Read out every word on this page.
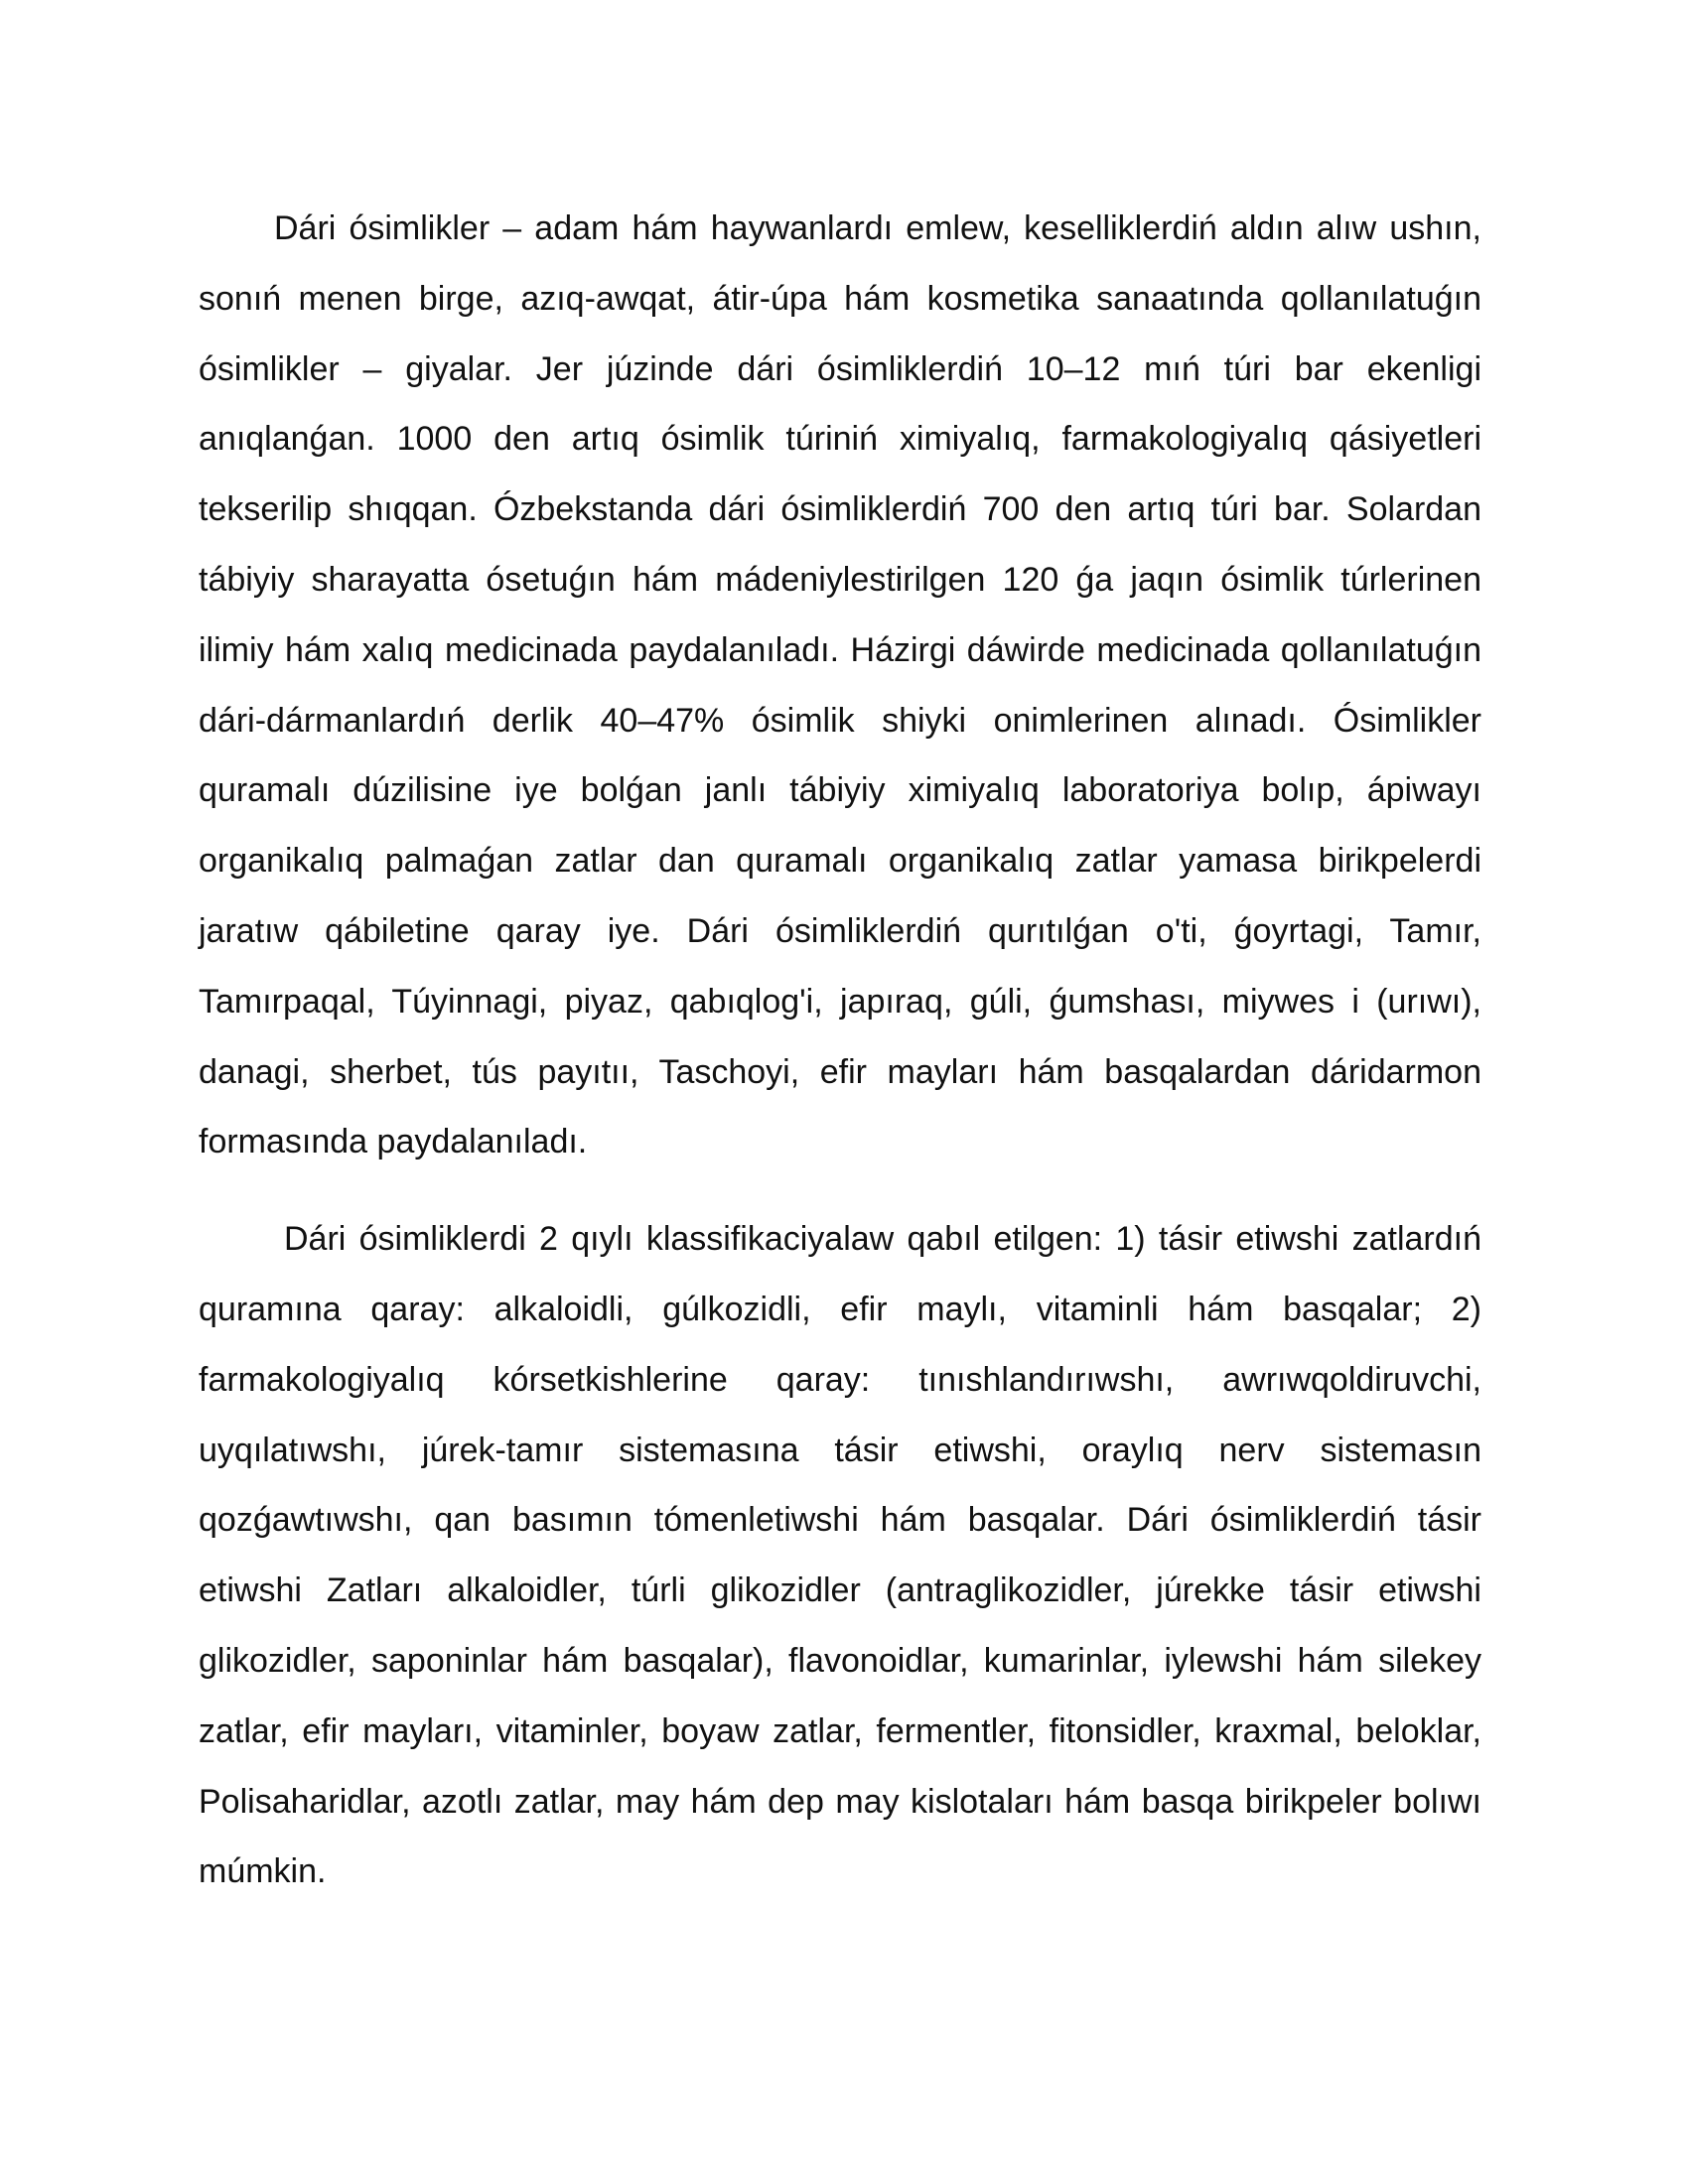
Dári ósimlikler – adam hám haywanlardı emlew, keselliklerdiń aldın alıw ushın, sonıń menen birge, azıq-awqat, átir-úpa hám kosmetika sanaatında qollanılatuǵın ósimlikler – giyalar. Jer júzinde dári ósimliklerdiń 10–12 mıń túri bar ekenligi anıqlanǵan. 1000 den artıq ósimlik túriniń ximiyalıq, farmakologiyalıq qásiyetleri tekserilip shıqqan. Ózbekstanda dári ósimliklerdiń 700 den artıq túri bar. Solardan tábiyiy sharayatta ósetuǵın hám mádeniylestirilgen 120 ǵa jaqın ósimlik túrlerinen ilimiy hám xalıq medicinada paydalanıladı. Házirgi dáwirde medicinada qollanılatuǵın dári-dármanlardıń derlik 40–47% ósimlik shiyki onimlerinen alınadı. Ósimlikler quramalı dúzilisine iye bolǵan janlı tábiyiy ximiyalıq laboratoriya bolıp, ápiwayı organikalıq palmaǵan zatlar dan quramalı organikalıq zatlar yamasa birikpelerdi jaratıw qábiletine qaray iye. Dári ósimliklerdiń qurıtılǵan o'ti, ǵoyrtagi, Tamır, Tamırpaqal, Túyinnagi, piyaz, qabıqlog'i, japıraq, gúli, ǵumshası, miywes i (urıwı), danagi, sherbet, tús payıtıı, Taschoyi, efir mayları hám basqalardan dáridarmon formasında paydalanıladı.

Dári ósimliklerdi 2 qıylı klassifikaciyalaw qabıl etilgen: 1) tásir etiwshi zatlardıń quramına qaray: alkaloidli, gúlkozidli, efir maylı, vitaminli hám basqalar; 2) farmakologiyalıq kórsetkishlerine qaray: tınıshlandırıwshı, awrıwqoldiruvchi, uyqılatıwshı, júrek-tamır sistemasına tásir etiwshi, oraylıq nerv sistemasın qozǵawtıwshı, qan basımın tómenletiwshi hám basqalar. Dári ósimliklerdiń tásir etiwshi Zatları alkaloidler, túrli glikozidler (antraglikozidler, júrekke tásir etiwshi glikozidler, saponinlar hám basqalar), flavonoidlar, kumarinlar, iylewshi hám silekey zatlar, efir mayları, vitaminler, boyaw zatlar, fermentler, fitonsidler, kraxmal, beloklar, Polisaharidlar, azotlı zatlar, may hám dep may kislotaları hám basqa birikpeler bolıwı múmkin.
